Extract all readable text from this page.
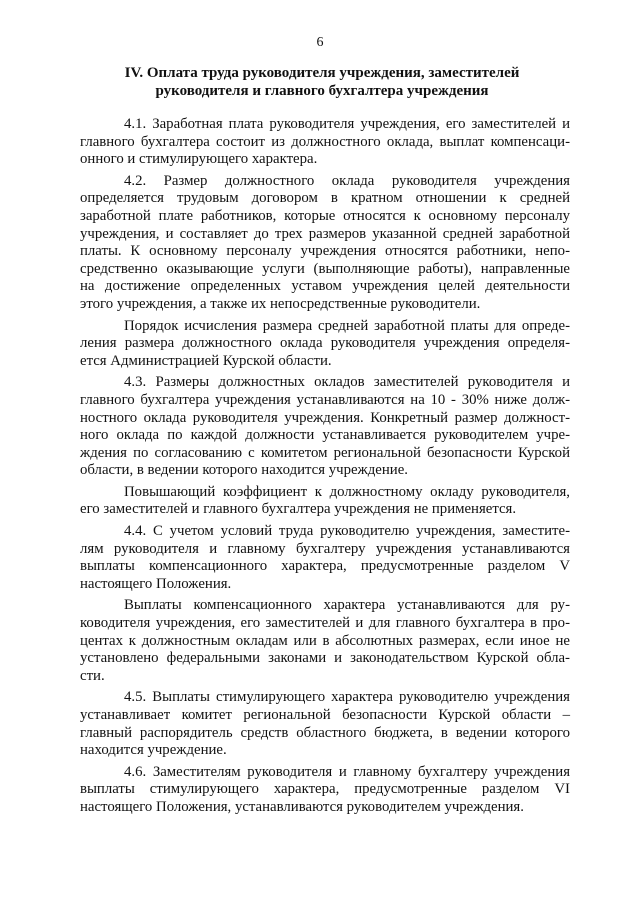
6
IV. Оплата труда руководителя учреждения, заместителей
руководителя и главного бухгалтера учреждения
4.1. Заработная плата руководителя учреждения, его заместителей и
главного бухгалтера состоит из должностного оклада, выплат компенсаци-
онного и стимулирующего характера.
4.2. Размер должностного оклада руководителя учреждения
определяется трудовым договором в кратном отношении к средней
заработной плате работников, которые относятся к основному персоналу
учреждения, и составляет до трех размеров указанной средней заработной
платы. К основному персоналу учреждения относятся работники, непо-
средственно оказывающие услуги (выполняющие работы), направленные
на достижение определенных уставом учреждения целей деятельности
этого учреждения, а также их непосредственные руководители.
Порядок исчисления размера средней заработной платы для опреде-
ления размера должностного оклада руководителя учреждения определя-
ется Администрацией Курской области.
4.3. Размеры должностных окладов заместителей руководителя и
главного бухгалтера учреждения устанавливаются на 10 - 30% ниже долж-
ностного оклада руководителя учреждения. Конкретный размер должност-
ного оклада по каждой должности устанавливается руководителем учре-
ждения по согласованию с комитетом региональной безопасности Курской
области, в ведении которого находится учреждение.
Повышающий коэффициент к должностному окладу руководителя,
его заместителей и главного бухгалтера учреждения не применяется.
4.4. С учетом условий труда руководителю учреждения, заместите-
лям руководителя и главному бухгалтеру учреждения устанавливаются
выплаты компенсационного характера, предусмотренные разделом V
настоящего Положения.
Выплаты компенсационного характера устанавливаются для ру-
ководителя учреждения, его заместителей и для главного бухгалтера в про-
центах к должностным окладам или в абсолютных размерах, если иное не
установлено федеральными законами и законодательством Курской обла-
сти.
4.5. Выплаты стимулирующего характера руководителю учреждения
устанавливает комитет региональной безопасности Курской области –
главный распорядитель средств областного бюджета, в ведении которого
находится учреждение.
4.6. Заместителям руководителя и главному бухгалтеру учреждения
выплаты стимулирующего характера, предусмотренные разделом VI
настоящего Положения, устанавливаются руководителем учреждения.
